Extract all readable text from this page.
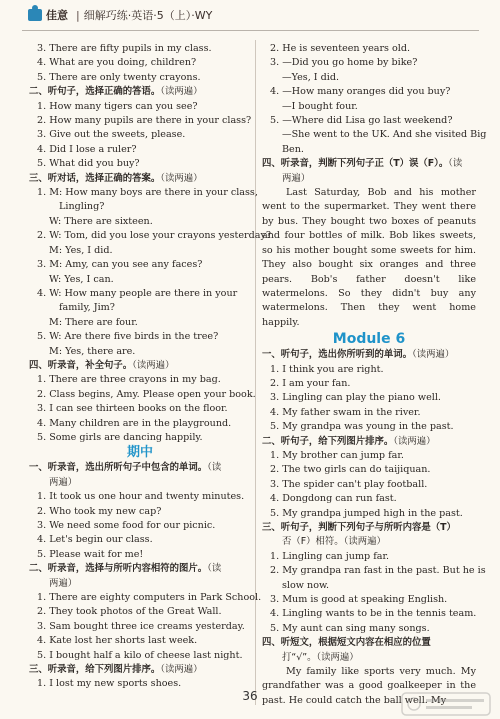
佳意 | 细解巧练·英语·5（上）·WY
3. There are fifty pupils in my class.
4. What are you doing, children?
5. There are only twenty crayons.
二、听句子，选择正确的答语。（读两遍）
1. How many tigers can you see?
2. How many pupils are there in your class?
3. Give out the sweets, please.
4. Did I lose a ruler?
5. What did you buy?
三、听对话，选择正确的答案。（读两遍）
1. M: How many boys are there in your class,
Lingling?
W: There are sixteen.
2. W: Tom, did you lose your crayons yesterday?
M: Yes, I did.
3. M: Amy, can you see any faces?
W: Yes, I can.
4. W: How many people are there in your
family, Jim?
M: There are four.
5. W: Are there five birds in the tree?
M: Yes, there are.
四、听录音，补全句子。（读两遍）
1. There are three crayons in my bag.
2. Class begins, Amy. Please open your book.
3. I can see thirteen books on the floor.
4. Many children are in the playground.
5. Some girls are dancing happily.
期中
一、听录音，选出所听句子中包含的单词。（读
两遍）
1. It took us one hour and twenty minutes.
2. Who took my new cap?
3. We need some food for our picnic.
4. Let's begin our class.
5. Please wait for me!
二、听录音，选择与所听内容相符的图片。（读
两遍）
1. There are eighty computers in Park School.
2. They took photos of the Great Wall.
3. Sam bought three ice creams yesterday.
4. Kate lost her shorts last week.
5. I bought half a kilo of cheese last night.
三、听录音，给下列图片排序。（读两遍）
1. I lost my new sports shoes.
2. He is seventeen years old.
3. —Did you go home by bike?
—Yes, I did.
4. —How many oranges did you buy?
—I bought four.
5. —Where did Lisa go last weekend?
—She went to the UK. And she visited Big
Ben.
四、听录音，判断下列句子正（T）误（F）。（读
两遍）
Last Saturday, Bob and his mother went to the supermarket. They went there by bus. They bought two boxes of peanuts and four bottles of milk. Bob likes sweets, so his mother bought some sweets for him. They also bought six oranges and three pears. Bob's father doesn't like watermelons. So they didn't buy any watermelons. Then they went home happily.
Module 6
一、听句子，选出你所听到的单词。（读两遍）
1. I think you are right.
2. I am your fan.
3. Lingling can play the piano well.
4. My father swam in the river.
5. My grandpa was young in the past.
二、听句子，给下列图片排序。（读两遍）
1. My brother can jump far.
2. The two girls can do taijiquan.
3. The spider can't play football.
4. Dongdong can run fast.
5. My grandpa jumped high in the past.
三、听句子，判断下列句子与所听内容是（T）
否（F）相符。（读两遍）
1. Lingling can jump far.
2. My grandpa ran fast in the past. But he is
slow now.
3. Mum is good at speaking English.
4. Lingling wants to be in the tennis team.
5. My aunt can sing many songs.
四、听短文，根据短文内容在相应的位置
打“√”。（读两遍）
My family like sports very much. My grandfather was a good goalkeeper in the past. He could catch the ball well. My
36
